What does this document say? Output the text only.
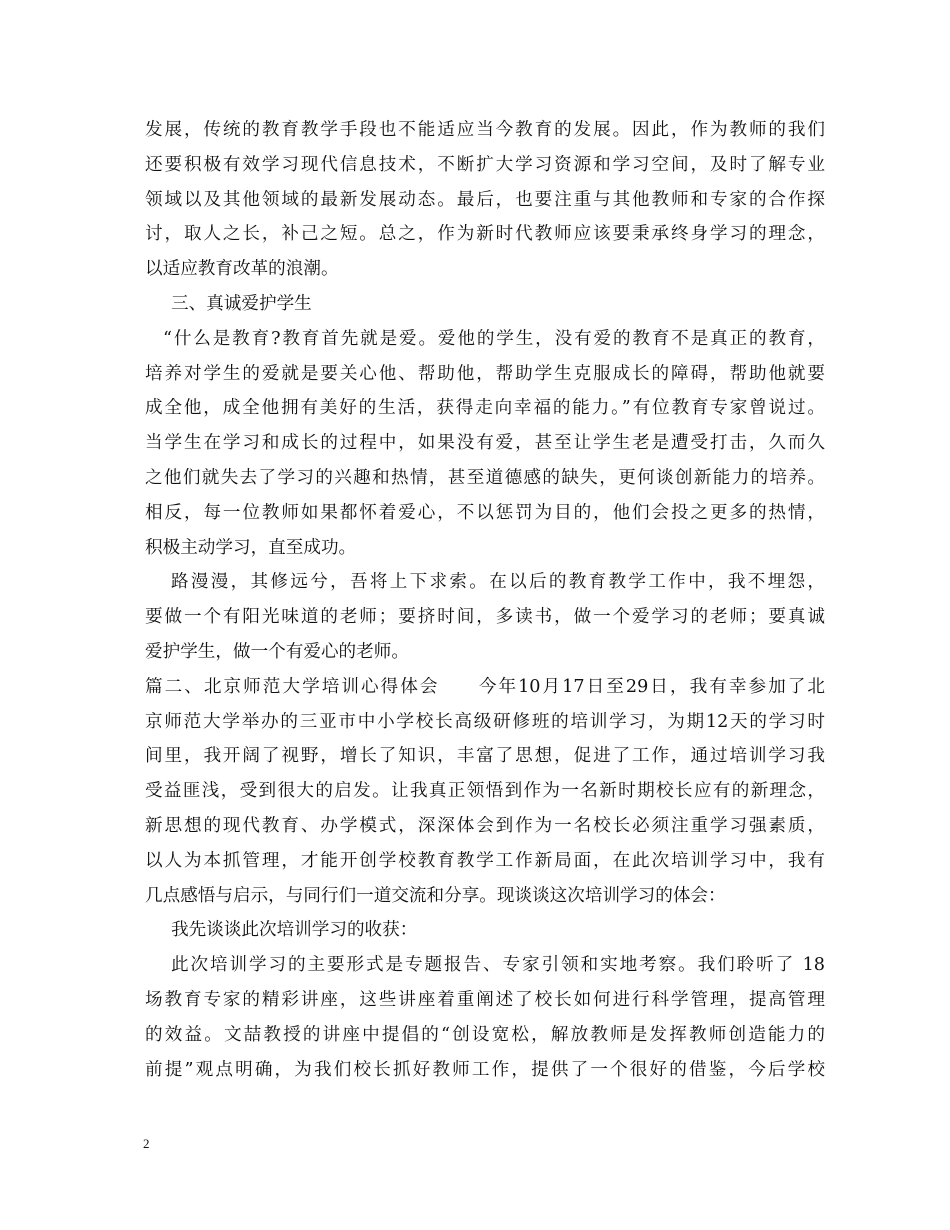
发展，传统的教育教学手段也不能适应当今教育的发展。因此，作为教师的我们
还要积极有效学习现代信息技术，不断扩大学习资源和学习空间，及时了解专业
领域以及其他领域的最新发展动态。最后，也要注重与其他教师和专家的合作探
讨，取人之长，补己之短。总之，作为新时代教师应该要秉承终身学习的理念，
以适应教育改革的浪潮。
三、真诚爱护学生
“什么是教育?教育首先就是爱。爱他的学生，没有爱的教育不是真正的教育，
培养对学生的爱就是要关心他、帮助他，帮助学生克服成长的障碍，帮助他就要
成全他，成全他拥有美好的生活，获得走向幸福的能力。”有位教育专家曾说过。
当学生在学习和成长的过程中，如果没有爱，甚至让学生老是遭受打击，久而久
之他们就失去了学习的兴趣和热情，甚至道德感的缺失，更何谈创新能力的培养。
相反，每一位教师如果都怀着爱心，不以惩罚为目的，他们会投之更多的热情，
积极主动学习，直至成功。
路漫漫，其修远兮，吾将上下求索。在以后的教育教学工作中，我不埋怨，
要做一个有阳光味道的老师；要挤时间，多读书，做一个爱学习的老师；要真诚
爱护学生，做一个有爱心的老师。
篇二、北京师范大学培训心得体会　　今年10月17日至29日，我有幸参加了北
京师范大学举办的三亚市中小学校长高级研修班的培训学习，为期12天的学习时
间里，我开阔了视野，增长了知识，丰富了思想，促进了工作，通过培训学习我
受益匪浅，受到很大的启发。让我真正领悟到作为一名新时期校长应有的新理念，
新思想的现代教育、办学模式，深深体会到作为一名校长必须注重学习强素质，
以人为本抓管理，才能开创学校教育教学工作新局面，在此次培训学习中，我有
几点感悟与启示，与同行们一道交流和分享。现谈谈这次培训学习的体会：
我先谈谈此次培训学习的收获：
此次培训学习的主要形式是专题报告、专家引领和实地考察。我们聆听了 18
场教育专家的精彩讲座，这些讲座着重阐述了校长如何进行科学管理，提高管理
的效益。文喆教授的讲座中提倡的“创设宽松，解放教师是发挥教师创造能力的
前提”观点明确，为我们校长抓好教师工作，提供了一个很好的借鉴，今后学校
2
